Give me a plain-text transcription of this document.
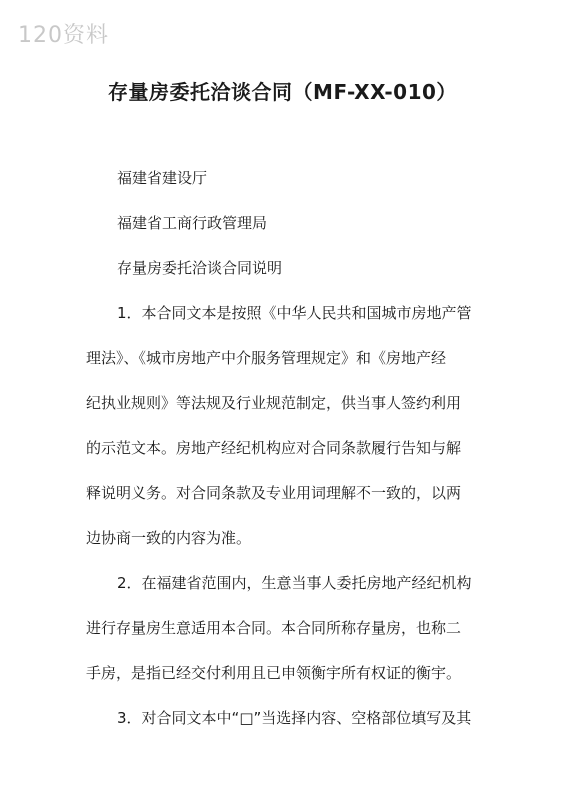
120资料
存量房委托洽谈合同（MF-XX-010）
福建省建设厅
福建省工商行政管理局
存量房委托洽谈合同说明
1．本合同文本是按照《中华人民共和国城市房地产管
理法》、《城市房地产中介服务管理规定》和《房地产经
纪执业规则》等法规及行业规范制定，供当事人签约利用
的示范文本。房地产经纪机构应对合同条款履行告知与解
释说明义务。对合同条款及专业用词理解不一致的，以两
边协商一致的内容为准。
2．在福建省范围内，生意当事人委托房地产经纪机构
进行存量房生意适用本合同。本合同所称存量房，也称二
手房，是指已经交付利用且已申领衡宇所有权证的衡宇。
3．对合同文本中“□”当选择内容、空格部位填写及其
